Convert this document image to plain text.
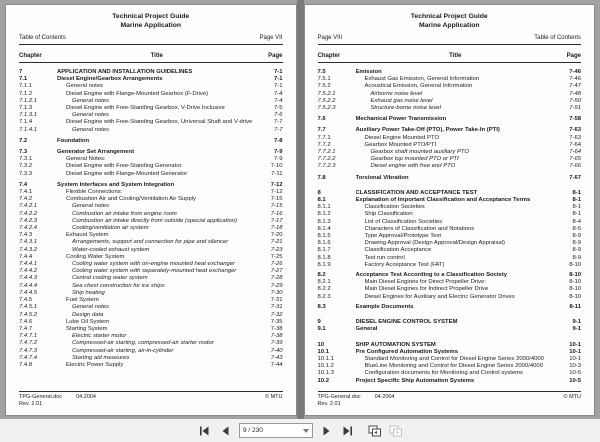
Technical Project Guide
Marine Application
Table of Contents	Page VII
Chapter	Title	Page
7	APPLICATION AND INSTALLATION GUIDELINES	7-1
7.1	Diesel Engine/Gearbox Arrangements	7-1
7.1.1	General notes	7-1
7.1.2	Diesel Engine with Flange-Mounted Gearbox (F-Drive)	7-4
7.1.2.1	General notes	7-4
7.1.3	Diesel Engine with Free-Standing Gearbox, V-Drive Inclusive	7-5
7.1.3.1	General notes	7-6
7.1.4	Diesel Engine with Free-Standing Gearbox, Universal Shaft and V-drive	7-7
7.1.4.1	General notes	7-7
7.2	Foundation	7-8
7.3	Generator Set Arrangement	7-9
7.3.1	General Notes:	7-9
7.3.2	Diesel Engine with Free-Standing Generator	7-10
7.3.3	Diesel Engine with Flange-Mounted Generator	7-11
7.4	System Interfaces and System Integration	7-12
7.4.1	Flexible Connections:	7-12
7.4.2	Combustion Air and Cooling/Ventilation Air Supply	7-15
7.4.2.1	General notes	7-15
7.4.2.2	Combustion air intake from engine room	7-16
7.4.2.3	Combustion air intake directly from outside (special application)	7-17
7.4.2.4	Cooling/ventilation air system	7-18
7.4.3	Exhaust System	7-20
7.4.3.1	Arrangements, support and connection for pipe and silencer	7-21
7.4.3.2	Water-cooled exhaust system	7-23
7.4.4	Cooling Water System	7-25
7.4.4.1	Cooling water system with on-engine mounted heat exchanger	7-26
7.4.4.2	Cooling water system with separately-mounted heat exchanger	7-27
7.4.4.3	Central cooling water system	7-28
7.4.4.4	Sea chest construction for ice ships	7-29
7.4.4.5	Ship heating	7-30
7.4.5	Fuel System	7-31
7.4.5.1	General notes	7-31
7.4.5.2	Design data	7-32
7.4.6	Lube Oil System	7-35
7.4.7	Starting System	7-38
7.4.7.1	Electric starter motor	7-38
7.4.7.2	Compressed-air starting, compressed-air starter motor	7-39
7.4.7.3	Compressed-air starting, air-in-cylinder	7-40
7.4.7.4	Starting aid measures	7-43
7.4.8	Electric Power Supply	7-44
TPG-General.doc	04.2004	© MTU
Rev. 2.01
Technical Project Guide
Marine Application
Page VIII	Table of Contents
Chapter	Title	Page
7.5	Emission	7-46
7.5.1	Exhaust Gas Emission, General Information	7-46
7.5.2	Acoustical Emission, General Information	7-47
7.5.2.1	Airborne noise level	7-48
7.5.2.2	Exhaust gas noise level	7-50
7.5.2.3	Structure-borne noise level	7-51
7.6	Mechanical Power Transmission	7-58
7.7	Auxiliary Power Take-Off (PTO), Power Take-In (PTI)	7-63
7.7.1	Diesel Engine Mounted PTO	7-63
7.7.2	Gearbox Mounted PTO/PTI	7-64
7.7.2.1	Gearbox shaft mounted auxiliary PTO	7-64
7.7.2.2	Gearbox top mounted PTO or PTI	7-65
7.7.2.3	Diesel engine with free end PTO	7-66
7.8	Torsional Vibration	7-67
8	CLASSIFICATION AND ACCEPTANCE TEST	8-1
8.1	Explanation of Important Classification and Acceptance Terms	8-1
8.1.1	Classification Societies	8-1
8.1.2	Ship Classification	8-1
8.1.3	List of Classification Societies	8-4
8.1.4	Characters of Classification and Notations	8-5
8.1.5	Type Approval/Prototype Test	8-9
8.1.6	Drawing Approval (Design Approval/Design Appraisal)	8-9
8.1.7	Classification Acceptance	8-9
8.1.8	Test run control	8-9
8.1.9	Factory Acceptance Test (FAT)	8-10
8.2	Acceptance Test According to a Classification Society	8-10
8.2.1	Main Diesel Engines for Direct Propeller Drive:	8-10
8.2.2	Main Diesel Engines for Indirect Propeller Drive	8-10
8.2.3	Diesel Engines for Auxiliary and Electric Generator Drives	8-10
8.3	Example Documents	8-11
9	DIESEL ENGINE CONTROL SYSTEM	9-1
9.1	General	9-1
10	SHIP AUTOMATION SYSTEM	10-1
10.1	Pre Configured Automation Systems	10-1
10.1.1	Standard Monitoring and Control for Diesel Engine Series 2000/4000	10-1
10.1.2	BlueLine Monitoring and Control for Diesel Engine Series 2000/4000	10-3
10.1.3	Configuration documents for Monitoring and Control systems	10-5
10.2	Project Specific Ship Automation Systems	10-5
TPG-General.doc	04.2004	© MTU
Rev. 2.01
9 / 230
